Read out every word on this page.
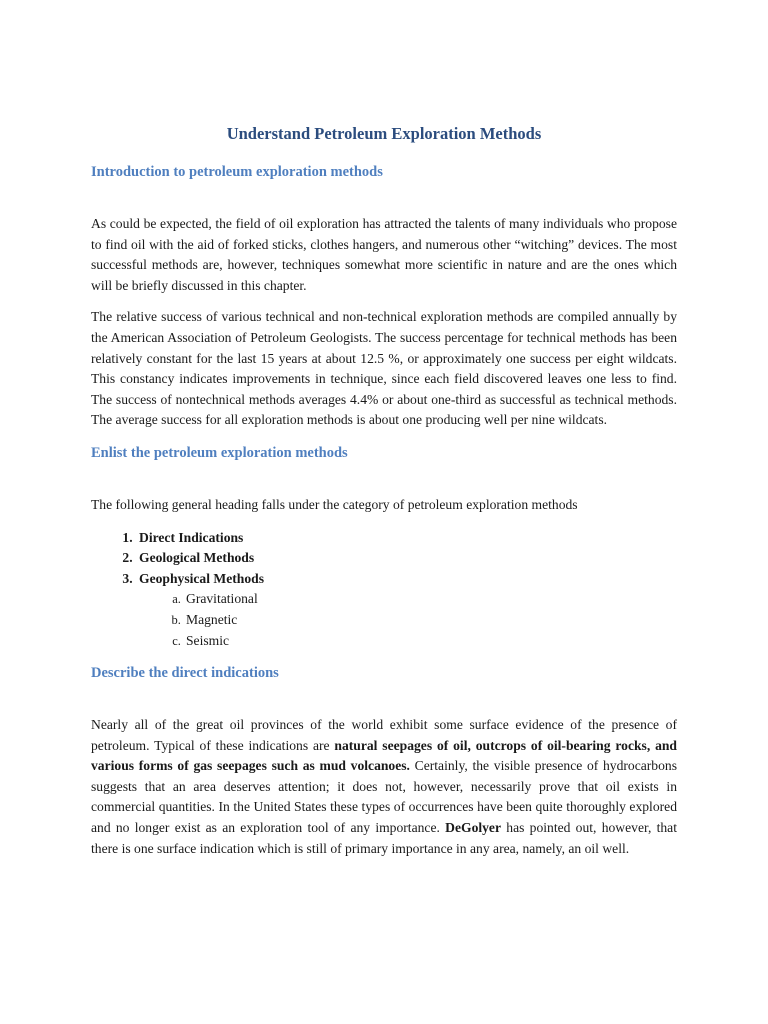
Understand Petroleum Exploration Methods
Introduction to petroleum exploration methods

As could be expected, the field of oil exploration has attracted the talents of many individuals who propose to find oil with the aid of forked sticks, clothes hangers, and numerous other “witching” devices. The most successful methods are, however, techniques somewhat more scientific in nature and are the ones which will be briefly discussed in this chapter.

The relative success of various technical and non-technical exploration methods are compiled annually by the American Association of Petroleum Geologists. The success percentage for technical methods has been relatively constant for the last 15 years at about 12.5 %, or approximately one success per eight wildcats. This constancy indicates improvements in technique, since each field discovered leaves one less to find. The success of nontechnical methods averages 4.4% or about one-third as successful as technical methods. The average success for all exploration methods is about one producing well per nine wildcats.

Enlist the petroleum exploration methods

The following general heading falls under the category of petroleum exploration methods

1. Direct Indications
2. Geological Methods
3. Geophysical Methods
a. Gravitational
b. Magnetic
c. Seismic
Describe the direct indications

Nearly all of the great oil provinces of the world exhibit some surface evidence of the presence of petroleum. Typical of these indications are natural seepages of oil, outcrops of oil-bearing rocks, and various forms of gas seepages such as mud volcanoes. Certainly, the visible presence of hydrocarbons suggests that an area deserves attention; it does not, however, necessarily prove that oil exists in commercial quantities. In the United States these types of occurrences have been quite thoroughly explored and no longer exist as an exploration tool of any importance. DeGolyer has pointed out, however, that there is one surface indication which is still of primary importance in any area, namely, an oil well.
